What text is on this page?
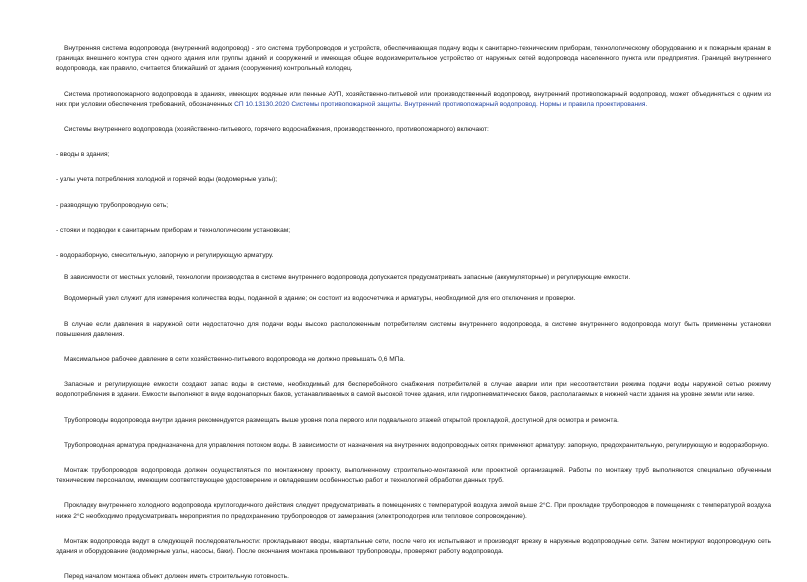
Внутренняя система водопровода (внутренний водопровод) - это система трубопроводов и устройств, обеспечивающая подачу воды к санитарно-техническим приборам, технологическому оборудованию и к пожарным кранам в границах внешнего контура стен одного здания или группы зданий и сооружений и имеющая общее водоизмерительное устройство от наружных сетей водопровода населенного пункта или предприятия. Границей внутреннего водопровода, как правило, считается ближайший от здания (сооружения) контрольный колодец.

Система противопожарного водопровода в зданиях, имеющих водяные или пенные АУП, хозяйственно-питьевой или производственный водопровод, внутренний противопожарный водопровод, может объединяться с одним из них при условии обеспечения требований, обозначенных СП 10.13130.2020 Системы противопожарной защиты. Внутренний противопожарный водопровод. Нормы и правила проектирования.

Системы внутреннего водопровода (хозяйственно-питьевого, горячего водоснабжения, производственного, противопожарного) включают:

- вводы в здания;

- узлы учета потребления холодной и горячей воды (водомерные узлы);

- разводящую трубопроводную сеть;

- стояки и подводки к санитарным приборам и технологическим установкам;

- водоразборную, смесительную, запорную и регулирующую арматуру.

В зависимости от местных условий, технологии производства в системе внутреннего водопровода допускается предусматривать запасные (аккумуляторные) и регулирующие емкости.

Водомерный узел служит для измерения количества воды, поданной в здание; он состоит из водосчетчика и арматуры, необходимой для его отключения и проверки.

В случае если давления в наружной сети недостаточно для подачи воды высоко расположенным потребителям системы внутреннего водопровода, в системе внутреннего водопровода могут быть применены установки повышения давления.

Максимальное рабочее давление в сети хозяйственно-питьевого водопровода не должно превышать 0,6 МПа.

Запасные и регулирующие емкости создают запас воды в системе, необходимый для бесперебойного снабжения потребителей в случае аварии или при несоответствии режима подачи воды наружной сетью режиму водопотребления в здании. Емкости выполняют в виде водонапорных баков, устанавливаемых в самой высокой точке здания, или гидропневматических баков, располагаемых в нижней части здания на уровне земли или ниже.

Трубопроводы водопровода внутри здания рекомендуется размещать выше уровня пола первого или подвального этажей открытой прокладкой, доступной для осмотра и ремонта.

Трубопроводная арматура предназначена для управления потоком воды. В зависимости от назначения на внутренних водопроводных сетях применяют арматуру: запорную, предохранительную, регулирующую и водоразборную.

Монтаж трубопроводов водопровода должен осуществляться по монтажному проекту, выполненному строительно-монтажной или проектной организацией. Работы по монтажу труб выполняются специально обученным техническим персоналом, имеющим соответствующее удостоверение и овладевшим особенностью работ и технологией обработки данных труб.

Прокладку внутреннего холодного водопровода круглогодичного действия следует предусматривать в помещениях с температурой воздуха зимой выше 2°С. При прокладке трубопроводов в помещениях с температурой воздуха ниже 2°С необходимо предусматривать мероприятия по предохранению трубопроводов от замерзания (электроподогрев или тепловое сопровождение).

Монтаж водопровода ведут в следующей последовательности: прокладывают вводы, квартальные сети, после чего их испытывают и производят врезку в наружные водопроводные сети. Затем монтируют водопроводную сеть здания и оборудование (водомерные узлы, насосы, баки). После окончания монтажа промывают трубопроводы, проверяют работу водопровода.

Перед началом монтажа объект должен иметь строительную готовность.
